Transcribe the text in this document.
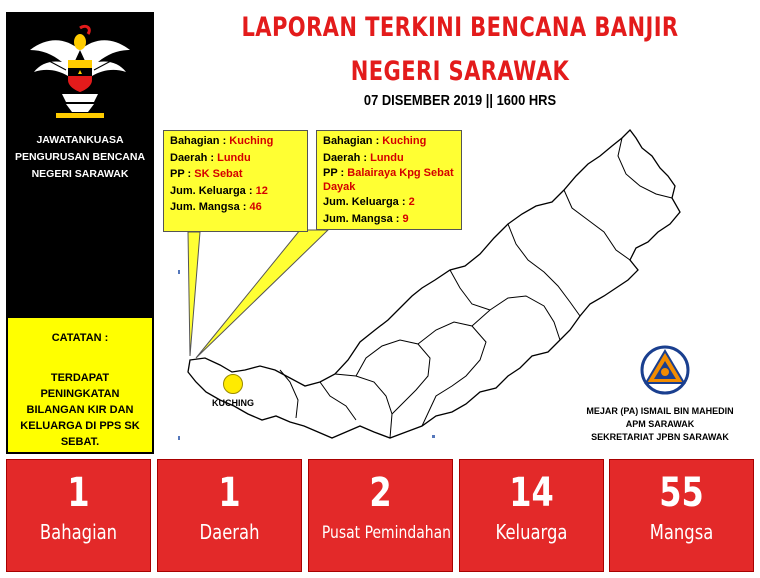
JAWATANKUASA
PENGURUSAN BENCANA
NEGERI SARAWAK
CATATAN :
TERDAPAT PENINGKATAN
BILANGAN KIR DAN
KELUARGA DI PPS SK
SEBAT.
LAPORAN TERKINI BENCANA BANJIR
NEGERI SARAWAK
07 DISEMBER 2019 || 1600 HRS
Bahagian : Kuching
Daerah : Lundu
PP : SK Sebat
Jum. Keluarga : 12
Jum. Mangsa : 46
Bahagian : Kuching
Daerah : Lundu
PP : Balairaya Kpg Sebat Dayak
Jum. Keluarga : 2
Jum. Mangsa : 9
KUCHING
MEJAR (PA) ISMAIL BIN MAHEDIN
APM SARAWAK
SEKRETARIAT JPBN SARAWAK
1
Bahagian
1
Daerah
2
Pusat Pemindahan
14
Keluarga
55
Mangsa
